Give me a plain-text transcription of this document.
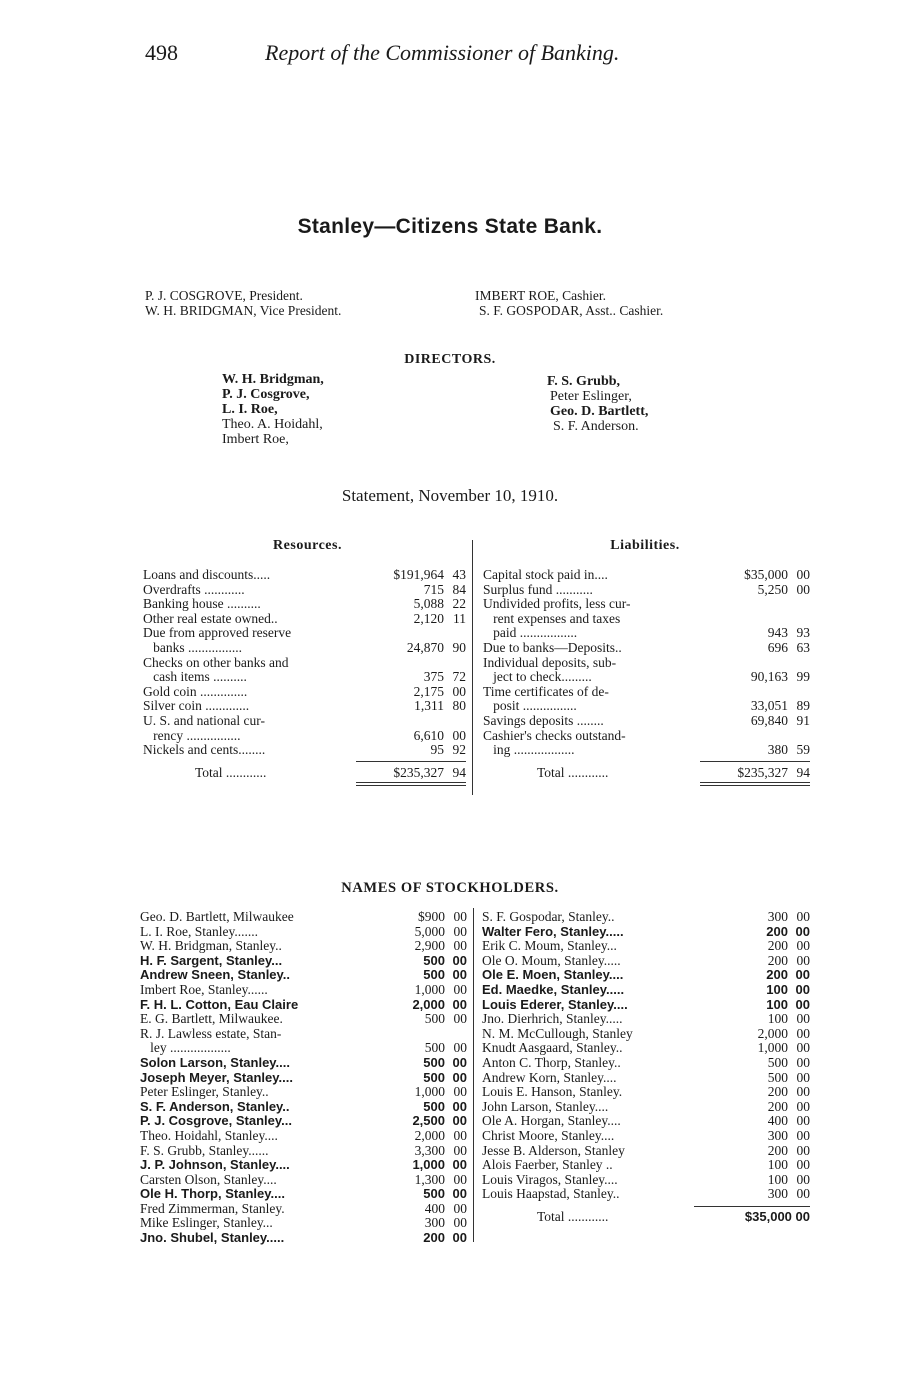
498	Report of the Commissioner of Banking.
Stanley—Citizens State Bank.
P. J. COSGROVE, President.
W. H. BRIDGMAN, Vice President.
IMBERT ROE, Cashier.
S. F. GOSPODAR, Asst.. Cashier.
DIRECTORS.
W. H. Bridgman,
P. J. Cosgrove,
L. I. Roe,
Theo. A. Hoidahl,
Imbert Roe,
F. S. Grubb,
Peter Eslinger,
Geo. D. Bartlett,
S. F. Anderson.
Statement, November 10, 1910.
Resources.
Loans and discounts.....	$191,964 43
Overdrafts ............	715 84
Banking house ..........	5,088 22
Other real estate owned..	2,120 11
Due from approved reserve
banks ................	24,870 90
Checks on other banks and
cash items ..........	375 72
Gold coin ..............	2,175 00
Silver coin .............	1,311 80
U. S. and national cur-
rency ................	6,610 00
Nickels and cents........	95 92
Total ............	$235,327 94
Liabilities.
Capital stock paid in....	$35,000 00
Surplus fund ...........	5,250 00
Undivided profits, less cur-
rent expenses and taxes
paid .................	943 93
Due to banks—Deposits..	696 63
Individual deposits, sub-
ject to check.........	90,163 99
Time certificates of de-
posit ................	33,051 89
Savings deposits ........	69,840 91
Cashier's checks outstand-
ing ..................	380 59
Total ............	$235,327 94
NAMES OF STOCKHOLDERS.
Geo. D. Bartlett, Milwaukee	$900 00
L. I. Roe, Stanley.......	5,000 00
W. H. Bridgman, Stanley..	2,900 00
H. F. Sargent, Stanley...	500 00
Andrew Sneen, Stanley..	500 00
Imbert Roe, Stanley......	1,000 00
F. H. L. Cotton, Eau Claire	2,000 00
E. G. Bartlett, Milwaukee.	500 00
R. J. Lawless estate, Stan-
ley ..................	500 00
Solon Larson, Stanley....	500 00
Joseph Meyer, Stanley....	500 00
Peter Eslinger, Stanley..	1,000 00
S. F. Anderson, Stanley..	500 00
P. J. Cosgrove, Stanley...	2,500 00
Theo. Hoidahl, Stanley....	2,000 00
F. S. Grubb, Stanley......	3,300 00
J. P. Johnson, Stanley....	1,000 00
Carsten Olson, Stanley....	1,300 00
Ole H. Thorp, Stanley....	500 00
Fred Zimmerman, Stanley.	400 00
Mike Eslinger, Stanley...	300 00
Jno. Shubel, Stanley.....	200 00
S. F. Gospodar, Stanley..	300 00
Walter Fero, Stanley.....	200 00
Erik C. Moum, Stanley...	200 00
Ole O. Moum, Stanley.....	200 00
Ole E. Moen, Stanley....	200 00
Ed. Maedke, Stanley.....	100 00
Louis Ederer, Stanley....	100 00
Jno. Dierhrich, Stanley.....	100 00
N. M. McCullough, Stanley	2,000 00
Knudt Aasgaard, Stanley..	1,000 00
Anton C. Thorp, Stanley..	500 00
Andrew Korn, Stanley....	500 00
Louis E. Hanson, Stanley.	200 00
John Larson, Stanley....	200 00
Ole A. Horgan, Stanley....	400 00
Christ Moore, Stanley....	300 00
Jesse B. Alderson, Stanley	200 00
Alois Faerber, Stanley ..	100 00
Louis Viragos, Stanley....	100 00
Louis Haapstad, Stanley..	300 00
Total ............	$35,000 00
